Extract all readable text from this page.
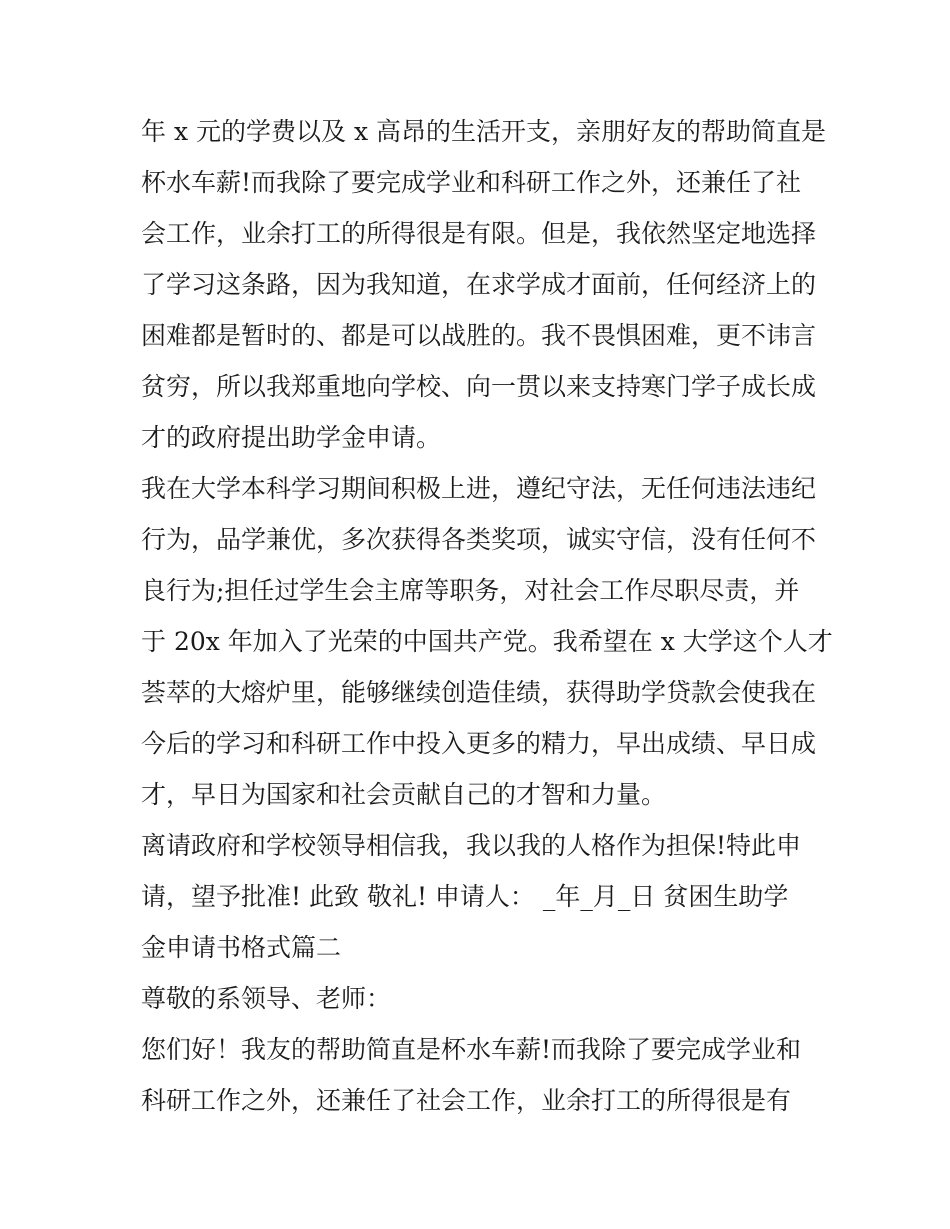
年 x 元的学费以及 x 高昂的生活开支，亲朋好友的帮助简直是
杯水车薪!而我除了要完成学业和科研工作之外，还兼任了社
会工作，业余打工的所得很是有限。但是，我依然坚定地选择
了学习这条路，因为我知道，在求学成才面前，任何经济上的
困难都是暂时的、都是可以战胜的。我不畏惧困难，更不讳言
贫穷，所以我郑重地向学校、向一贯以来支持寒门学子成长成
才的政府提出助学金申请。
我在大学本科学习期间积极上进，遵纪守法，无任何违法违纪
行为，品学兼优，多次获得各类奖项，诚实守信，没有任何不
良行为;担任过学生会主席等职务，对社会工作尽职尽责，并
于 20x 年加入了光荣的中国共产党。我希望在 x 大学这个人才
荟萃的大熔炉里，能够继续创造佳绩，获得助学贷款会使我在
今后的学习和科研工作中投入更多的精力，早出成绩、早日成
才，早日为国家和社会贡献自己的才智和力量。
离请政府和学校领导相信我，我以我的人格作为担保!特此申
请，望予批准! 此致 敬礼! 申请人： _年_月_日 贫困生助学
金申请书格式篇二
尊敬的系领导、老师：
您们好！我友的帮助简直是杯水车薪!而我除了要完成学业和
科研工作之外，还兼任了社会工作，业余打工的所得很是有
